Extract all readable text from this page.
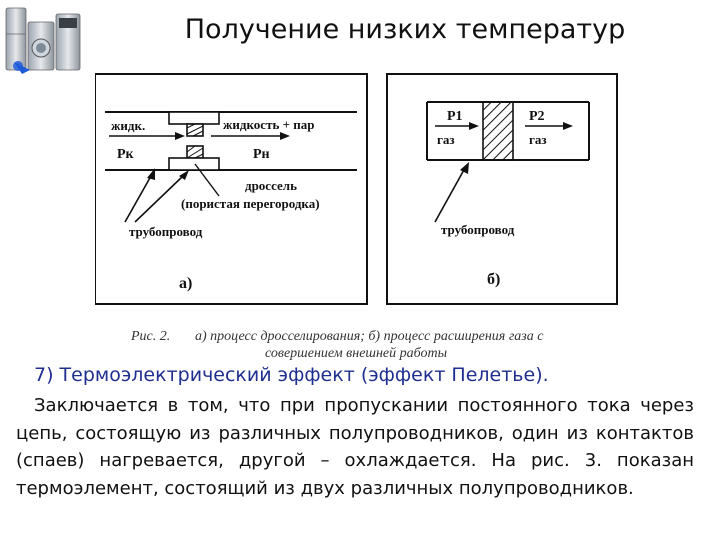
Получение низких температур
жидк.	жидкость + пар
Pк	Pн
дроссель
(пористая перегородка)
трубопровод
а)
P1
газ
P2
газ
трубопровод
б)
Рис. 2. а) процесс дросселирования; б) процесс расширения газа с
совершением внешней работы
7) Термоэлектрический эффект (эффект Пелетье).
Заключается в том, что при пропускании постоянного тока через цепь, состоящую из различных полупроводников, один из контактов (спаев) нагревается, другой – охлаждается. На рис. 3. показан термоэлемент, состоящий из двух различных полупроводников.
